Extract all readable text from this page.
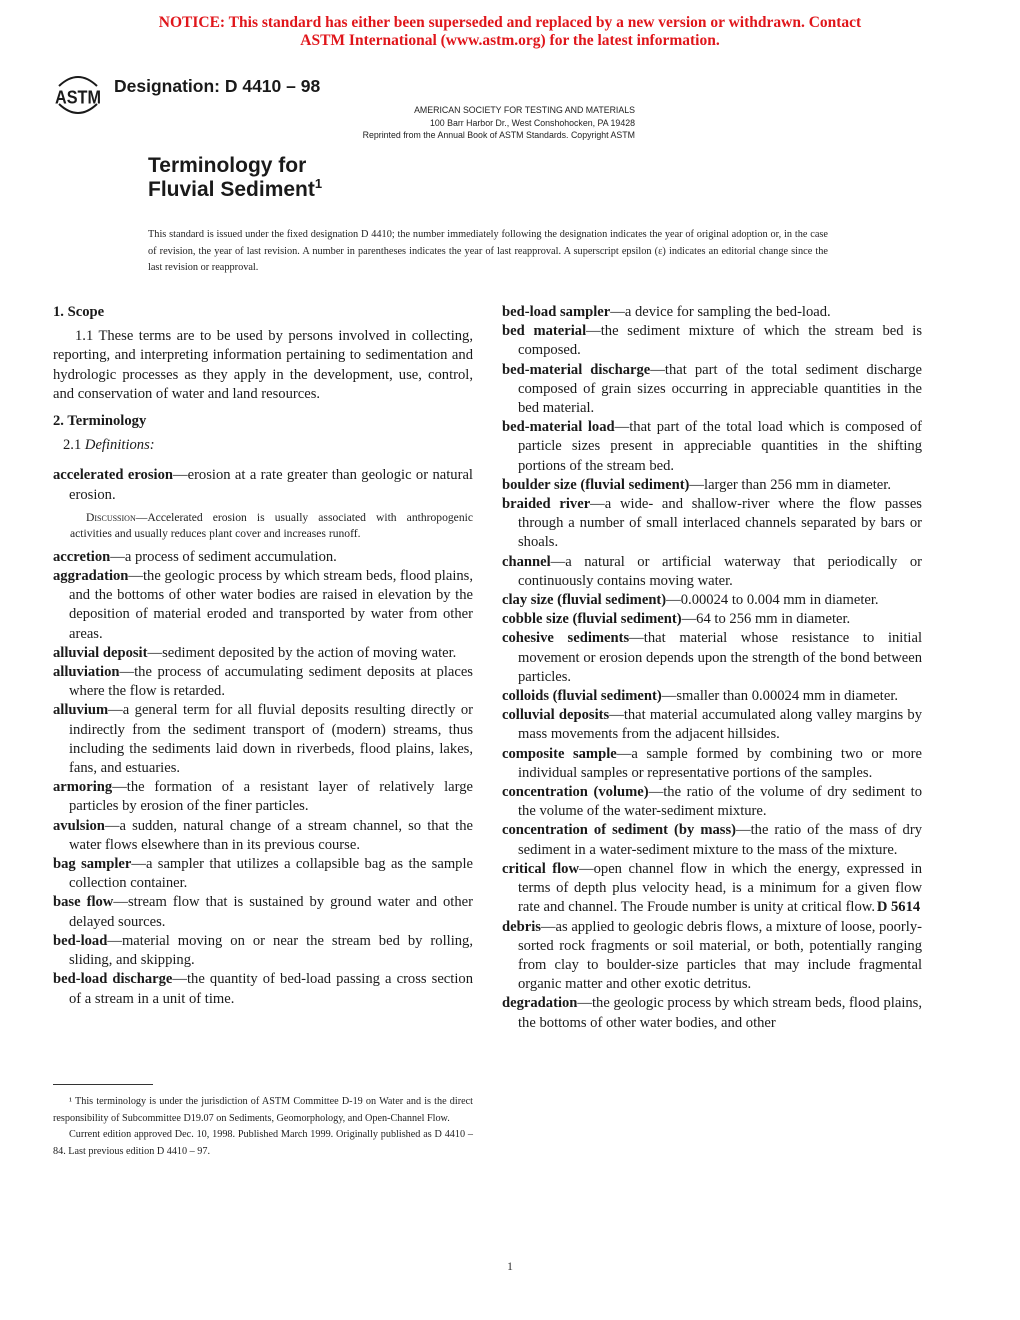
NOTICE: This standard has either been superseded and replaced by a new version or withdrawn. Contact
ASTM International (www.astm.org) for the latest information.
ASTM
Designation: D 4410 – 98
AMERICAN SOCIETY FOR TESTING AND MATERIALS
100 Barr Harbor Dr., West Conshohocken, PA 19428
Reprinted from the Annual Book of ASTM Standards. Copyright ASTM
Terminology for
Fluvial Sediment$^1$
This standard is issued under the fixed designation D 4410; the number immediately following the designation indicates the year of original adoption or, in the case of revision, the year of last revision. A number in parentheses indicates the year of last reapproval. A superscript epsilon (ε) indicates an editorial change since the last revision or reapproval.
1. Scope
1.1 These terms are to be used by persons involved in collecting, reporting, and interpreting information pertaining to sedimentation and hydrologic processes as they apply in the development, use, control, and conservation of water and land resources.
2. Terminology
2.1 Definitions:
accelerated erosion—erosion at a rate greater than geologic or natural erosion.
Discussion—Accelerated erosion is usually associated with anthropogenic activities and usually reduces plant cover and increases runoff.
accretion—a process of sediment accumulation.
aggradation—the geologic process by which stream beds, flood plains, and the bottoms of other water bodies are raised in elevation by the deposition of material eroded and transported by water from other areas.
alluvial deposit—sediment deposited by the action of moving water.
alluviation—the process of accumulating sediment deposits at places where the flow is retarded.
alluvium—a general term for all fluvial deposits resulting directly or indirectly from the sediment transport of (modern) streams, thus including the sediments laid down in riverbeds, flood plains, lakes, fans, and estuaries.
armoring—the formation of a resistant layer of relatively large particles by erosion of the finer particles.
avulsion—a sudden, natural change of a stream channel, so that the water flows elsewhere than in its previous course.
bag sampler—a sampler that utilizes a collapsible bag as the sample collection container.
base flow—stream flow that is sustained by ground water and other delayed sources.
bed-load—material moving on or near the stream bed by rolling, sliding, and skipping.
bed-load discharge—the quantity of bed-load passing a cross section of a stream in a unit of time.
bed-load sampler—a device for sampling the bed-load.
bed material—the sediment mixture of which the stream bed is composed.
bed-material discharge—that part of the total sediment discharge composed of grain sizes occurring in appreciable quantities in the bed material.
bed-material load—that part of the total load which is composed of particle sizes present in appreciable quantities in the shifting portions of the stream bed.
boulder size (fluvial sediment)—larger than 256 mm in diameter.
braided river—a wide- and shallow-river where the flow passes through a number of small interlaced channels separated by bars or shoals.
channel—a natural or artificial waterway that periodically or continuously contains moving water.
clay size (fluvial sediment)—0.00024 to 0.004 mm in diameter.
cobble size (fluvial sediment)—64 to 256 mm in diameter.
cohesive sediments—that material whose resistance to initial movement or erosion depends upon the strength of the bond between particles.
colloids (fluvial sediment)—smaller than 0.00024 mm in diameter.
colluvial deposits—that material accumulated along valley margins by mass movements from the adjacent hillsides.
composite sample—a sample formed by combining two or more individual samples or representative portions of the samples.
concentration (volume)—the ratio of the volume of dry sediment to the volume of the water-sediment mixture.
concentration of sediment (by mass)—the ratio of the mass of dry sediment in a water-sediment mixture to the mass of the mixture.
critical flow—open channel flow in which the energy, expressed in terms of depth plus velocity head, is a minimum for a given flow rate and channel. The Froude number is unity at critical flow. D 5614
debris—as applied to geologic debris flows, a mixture of loose, poorly-sorted rock fragments or soil material, or both, potentially ranging from clay to boulder-size particles that may include fragmental organic matter and other exotic detritus.
degradation—the geologic process by which stream beds, flood plains, the bottoms of other water bodies, and other

¹ This terminology is under the jurisdiction of ASTM Committee D-19 on Water and is the direct responsibility of Subcommittee D19.07 on Sediments, Geomorphology, and Open-Channel Flow.

Current edition approved Dec. 10, 1998. Published March 1999. Originally published as D 4410 – 84. Last previous edition D 4410 – 97.

1
